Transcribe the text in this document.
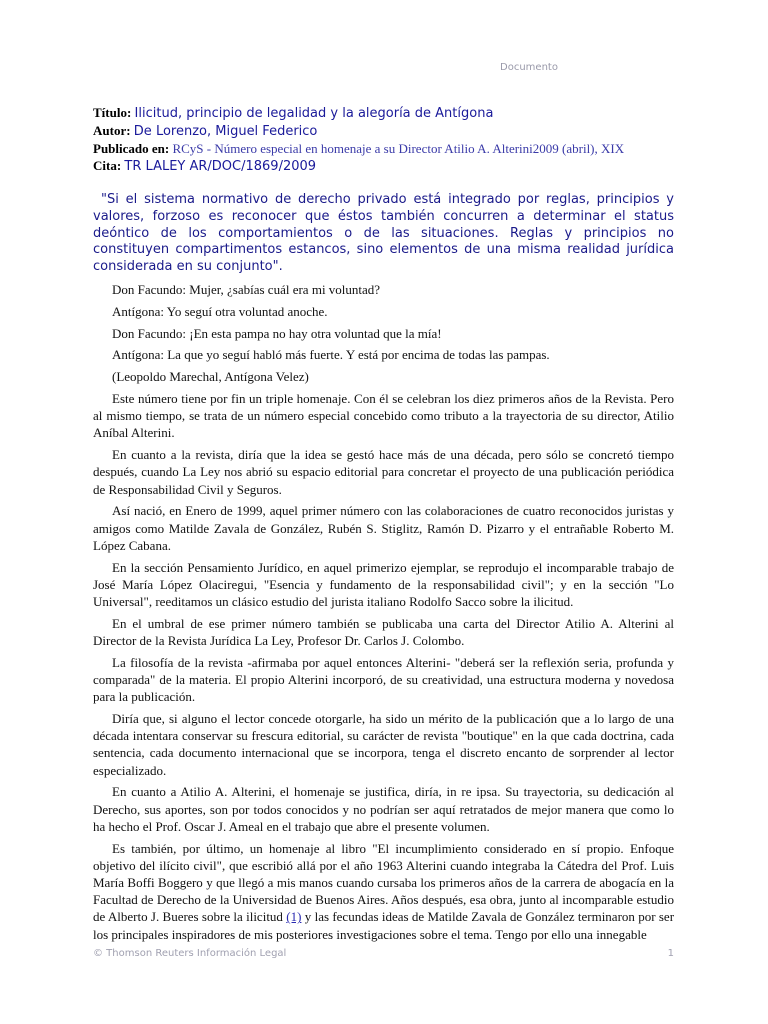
Documento
Título: Ilicitud, principio de legalidad y la alegoría de Antígona
Autor: De Lorenzo, Miguel Federico
Publicado en: RCyS - Número especial en homenaje a su Director Atilio A. Alterini2009 (abril), XIX
Cita: TR LALEY AR/DOC/1869/2009
"Si el sistema normativo de derecho privado está integrado por reglas, principios y valores, forzoso es reconocer que éstos también concurren a determinar el status deóntico de los comportamientos o de las situaciones. Reglas y principios no constituyen compartimentos estancos, sino elementos de una misma realidad jurídica considerada en su conjunto".

Don Facundo: Mujer, ¿sabías cuál era mi voluntad?

Antígona: Yo seguí otra voluntad anoche.

Don Facundo: ¡En esta pampa no hay otra voluntad que la mía!

Antígona: La que yo seguí habló más fuerte. Y está por encima de todas las pampas.

(Leopoldo Marechal, Antígona Velez)

Este número tiene por fin un triple homenaje. Con él se celebran los diez primeros años de la Revista. Pero al mismo tiempo, se trata de un número especial concebido como tributo a la trayectoria de su director, Atilio Aníbal Alterini.

En cuanto a la revista, diría que la idea se gestó hace más de una década, pero sólo se concretó tiempo después, cuando La Ley nos abrió su espacio editorial para concretar el proyecto de una publicación periódica de Responsabilidad Civil y Seguros.

Así nació, en Enero de 1999, aquel primer número con las colaboraciones de cuatro reconocidos juristas y amigos como Matilde Zavala de González, Rubén S. Stiglitz, Ramón D. Pizarro y el entrañable Roberto M. López Cabana.

En la sección Pensamiento Jurídico, en aquel primerizo ejemplar, se reprodujo el incomparable trabajo de José María López Olaciregui, "Esencia y fundamento de la responsabilidad civil"; y en la sección "Lo Universal", reeditamos un clásico estudio del jurista italiano Rodolfo Sacco sobre la ilicitud.

En el umbral de ese primer número también se publicaba una carta del Director Atilio A. Alterini al Director de la Revista Jurídica La Ley, Profesor Dr. Carlos J. Colombo.

La filosofía de la revista -afirmaba por aquel entonces Alterini- "deberá ser la reflexión seria, profunda y comparada" de la materia. El propio Alterini incorporó, de su creatividad, una estructura moderna y novedosa para la publicación.

Diría que, si alguno el lector concede otorgarle, ha sido un mérito de la publicación que a lo largo de una década intentara conservar su frescura editorial, su carácter de revista "boutique" en la que cada doctrina, cada sentencia, cada documento internacional que se incorpora, tenga el discreto encanto de sorprender al lector especializado.

En cuanto a Atilio A. Alterini, el homenaje se justifica, diría, in re ipsa. Su trayectoria, su dedicación al Derecho, sus aportes, son por todos conocidos y no podrían ser aquí retratados de mejor manera que como lo ha hecho el Prof. Oscar J. Ameal en el trabajo que abre el presente volumen.

Es también, por último, un homenaje al libro "El incumplimiento considerado en sí propio. Enfoque objetivo del ilícito civil", que escribió allá por el año 1963 Alterini cuando integraba la Cátedra del Prof. Luis María Boffi Boggero y que llegó a mis manos cuando cursaba los primeros años de la carrera de abogacía en la Facultad de Derecho de la Universidad de Buenos Aires. Años después, esa obra, junto al incomparable estudio de Alberto J. Bueres sobre la ilicitud (1) y las fecundas ideas de Matilde Zavala de González terminaron por ser los principales inspiradores de mis posteriores investigaciones sobre el tema. Tengo por ello una innegable

© Thomson Reuters Información Legal	1
